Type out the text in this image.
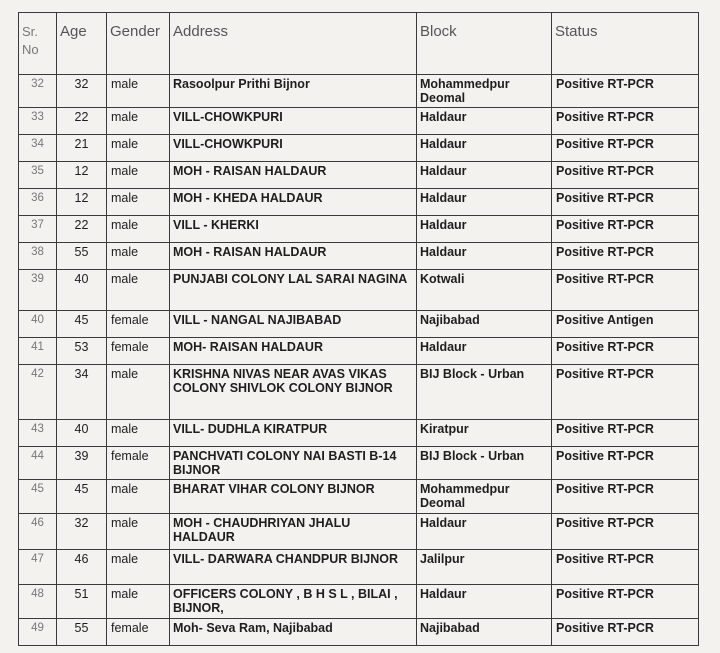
Sr. No	Age	Gender	Address	Block	Status
32	32	male	Rasoolpur Prithi Bijnor	Mohammedpur Deomal	Positive RT-PCR
33	22	male	VILL-CHOWKPURI	Haldaur	Positive RT-PCR
34	21	male	VILL-CHOWKPURI	Haldaur	Positive RT-PCR
35	12	male	MOH - RAISAN HALDAUR	Haldaur	Positive RT-PCR
36	12	male	MOH - KHEDA HALDAUR	Haldaur	Positive RT-PCR
37	22	male	VILL - KHERKI	Haldaur	Positive RT-PCR
38	55	male	MOH - RAISAN HALDAUR	Haldaur	Positive RT-PCR
39	40	male	PUNJABI COLONY LAL SARAI NAGINA	Kotwali	Positive RT-PCR
40	45	female	VILL - NANGAL NAJIBABAD	Najibabad	Positive Antigen
41	53	female	MOH- RAISAN HALDAUR	Haldaur	Positive RT-PCR
42	34	male	KRISHNA NIVAS NEAR AVAS VIKAS COLONY SHIVLOK COLONY BIJNOR	BIJ Block - Urban	Positive RT-PCR
43	40	male	VILL- DUDHLA KIRATPUR	Kiratpur	Positive RT-PCR
44	39	female	PANCHVATI COLONY NAI BASTI B-14 BIJNOR	BIJ Block - Urban	Positive RT-PCR
45	45	male	BHARAT VIHAR COLONY BIJNOR	Mohammedpur Deomal	Positive RT-PCR
46	32	male	MOH - CHAUDHRIYAN JHALU HALDAUR	Haldaur	Positive RT-PCR
47	46	male	VILL- DARWARA CHANDPUR BIJNOR	Jalilpur	Positive RT-PCR
48	51	male	OFFICERS COLONY , B H S L , BILAI , BIJNOR,	Haldaur	Positive RT-PCR
49	55	female	Moh- Seva Ram, Najibabad	Najibabad	Positive RT-PCR
